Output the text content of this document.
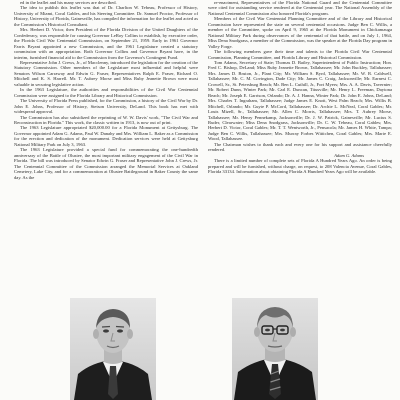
ed in the leaflet and his many services are described.

The idea to publish this leaflet was that of Dr. Charlton W. Tebeau, Professor of History, University of Miami, Coral Gables, and his Steering Committee. Dr. Samuel Proctor, Professor of History, University of Florida, Gainesville, has compiled the information for the leaflet and acted as the Commission's Historical Consultant.

Mrs. Herbert D. Victor, then President of the Florida Division of the United Daughters of the Confederacy, was responsible for causing Governor LeRoy Collins to establish, by executive order, the Florida Civil War Centennial Commission, on September 21, 1959. Early in 1961 Governor Farris Bryant appointed a new Commission, and the 1961 Legislature created a statutory commission with an appropriation. Both Governor Collins and Governor Bryant have, in the interim, furnished financial aid to the Commission from the Governor's Contingent Fund.

Representative John J. Crews, Jr., of Macclenny, introduced the legislation for the creation of the Statutory Commission. Other members of the Legislature most influential and helpful were Senators Wilson Carraway and Edwin G. Fraser, Representatives Ralph E. Fraser, Richard O. Mitchell and K. S. Harrell. Mr. T. Aubrey Morse and Miss Ruby Jeanette Brown were most valuable in securing legislative action.

In the 1963 Legislature, the authorities and responsibilities of the Civil War Centennial Commission were assigned to the Florida Library and Historical Commission.

The University of Florida Press published, for the Commission, a history of the Civil War by Dr. John E. Johns, Professor of History, Stetson University, DeLand. This book has met with widespread approval.

The Commission has also subsidized the reprinting of W. W. Davis' work, "The Civil War and Reconstruction in Florida." This work, the classic written in 1913, is now out of print.

The 1963 Legislature appropriated $20,000.00 for a Florida Monument at Gettysburg. The Governor appointed Adam G. Adams, Paul W. Danahy and Mrs. William L. Baker as a Commission for the erection and dedication of the monument. Dedication services were held at Gettysburg National Military Park on July 3, 1963.

The 1963 Legislature provided a special fund for commemorating the one-hundredth anniversary of the Battle of Olustee, the most important military engagement of the Civil War in Florida. The bill was introduced by Senator Edwin G. Fraser and Representative John J. Crews, Jr. The Centennial Committee of the Commission arranged the Memorial Services at Oakland Cemetery, Lake City, and for a commemoration at Olustee Battleground in Baker County the same day. As the

re-enactment, Representatives of the Florida National Guard and the Centennial Committee were cited for outstanding service rendered at the Centennial year. The National Assembly of the National Centennial Commission also honored Florida's program.

Members of the Civil War Centennial Planning Committee and of the Library and Historical Commission have represented the state on several centennial occasions. Judge Ben C. Willis, a member of the Committee, spoke on April 9, 1965 at the Florida Monument in Chickamauga National Military Park during observances of the centennial of that battle, and on July 1, 1964, Miss Dena Snodgrass, a member of the Commission, was the speaker at the Florida Day program in Valley Forge.

The following members gave their time and talents to the Florida Civil War Centennial Commission, Planning Committee, and Florida Library and Historical Commission.

Tom Adams, Secretary of State; Thomas D. Bailey, Superintendent of Public Instruction; Hon. Fred C. Bishop, DeLand; Miss Ruby Jeanette Brown, Tallahassee; Mr. John Buckley, Tallahassee; Mrs. James D. Bruton, Jr., Plant City; Mr. William S. Byrd, Tallahassee; Mr. W. R. Caldwell, Tallahassee; Mr. C. M. Covington, Dade City; Mr. James C. Craig, Jacksonville; Mr. Earnest C. Crowell, Sr., St. Petersburg Beach; Mr. Ben L. Cuthill, Jr., Fort Myers; Mrs. A. A. Davis, Tavernier; Mr. Robert Dunn, Winter Park; Mr. Carl E. Duncan, Titusville; Mr. Henry L. Freeman, Daytona Beach; Mr. Joseph E. Garrison, Orlando; Dr. A. J. Hanna, Winter Park; Dr. John E. Johns, DeLand; Mrs. Charles T. Ingraham, Tallahassee; Judge James E. Knott, West Palm Beach; Mrs. Willis B. Mitchell, Orlando; Mr. Guyte P. McCord, Tallahassee; Dr. Archie L. McNeal, Coral Gables; Mr. Louis Mizell, Sr., Tallahassee; Mr. Allen C. Morris, Tallahassee; Mrs. T. Aubrey Morse, Tallahassee; Mr. Henry Pennekamp, Jacksonville; Dr. J. W. Patrick, Gainesville; Mr. Lucius S. Ruder, Clearwater; Miss Dena Snodgrass, Jacksonville; Dr. C. W. Tebeau, Coral Gables; Mrs. Herbert D. Victor, Coral Gables; Mr. T. T. Wentworth, Jr., Pensacola; Mr. James H. White, Tampa; Judge Ben C. Willis, Tallahassee; Mrs. Murray Forbes Wittichen, Coral Gables; Mrs. Marie E. Wood, Tallahassee.

The Chairman wishes to thank each and every one for his support and assistance cheerfully rendered.

Adam G. Adams

There is a limited number of complete sets of Florida A Hundred Years Ago. An order is being prepared and will be furnished, without charge, on request, to 208 Valencia Avenue, Coral Gables, Florida 33134. Information about obtaining Florida A Hundred Years Ago will be available.
